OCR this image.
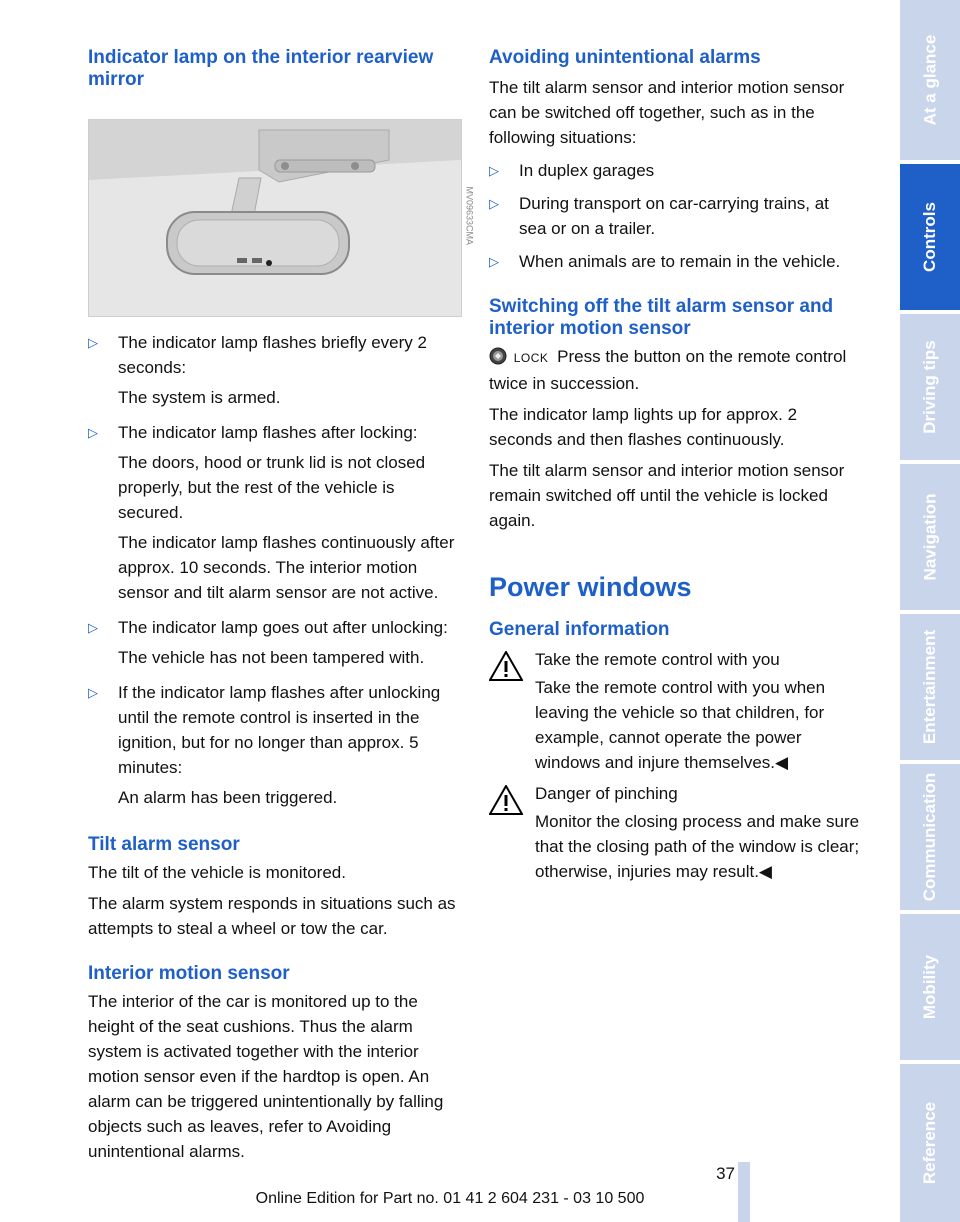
Indicator lamp on the interior rearview mirror
MV09633CMA
▷ The indicator lamp flashes briefly every 2 seconds:
The system is armed.
▷ The indicator lamp flashes after locking:
The doors, hood or trunk lid is not closed properly, but the rest of the vehicle is secured.
The indicator lamp flashes continuously after approx. 10 seconds. The interior motion sensor and tilt alarm sensor are not active.
▷ The indicator lamp goes out after unlocking:
The vehicle has not been tampered with.
▷ If the indicator lamp flashes after unlocking until the remote control is inserted in the ignition, but for no longer than approx. 5 minutes:
An alarm has been triggered.
Tilt alarm sensor

The tilt of the vehicle is monitored.

The alarm system responds in situations such as attempts to steal a wheel or tow the car.

Interior motion sensor

The interior of the car is monitored up to the height of the seat cushions. Thus the alarm system is activated together with the interior motion sensor even if the hardtop is open. An alarm can be triggered unintentionally by falling objects such as leaves, refer to Avoiding unintentional alarms.

Avoiding unintentional alarms

The tilt alarm sensor and interior motion sensor can be switched off together, such as in the following situations:

▷ In duplex garages
▷ During transport on car-carrying trains, at sea or on a trailer.
▷ When animals are to remain in the vehicle.
Switching off the tilt alarm sensor and interior motion sensor

LOCK Press the button on the remote control twice in succession.

The indicator lamp lights up for approx. 2 seconds and then flashes continuously.

The tilt alarm sensor and interior motion sensor remain switched off until the vehicle is locked again.

Power windows
General information
Take the remote control with you
Take the remote control with you when leaving the vehicle so that children, for example, cannot operate the power windows and injure themselves.◀
Danger of pinching
Monitor the closing process and make sure that the closing path of the window is clear; otherwise, injuries may result.◀
At a glance
Controls
Driving tips
Navigation
Entertainment
Communication
Mobility
Reference
37
Online Edition for Part no. 01 41 2 604 231 - 03 10 500
